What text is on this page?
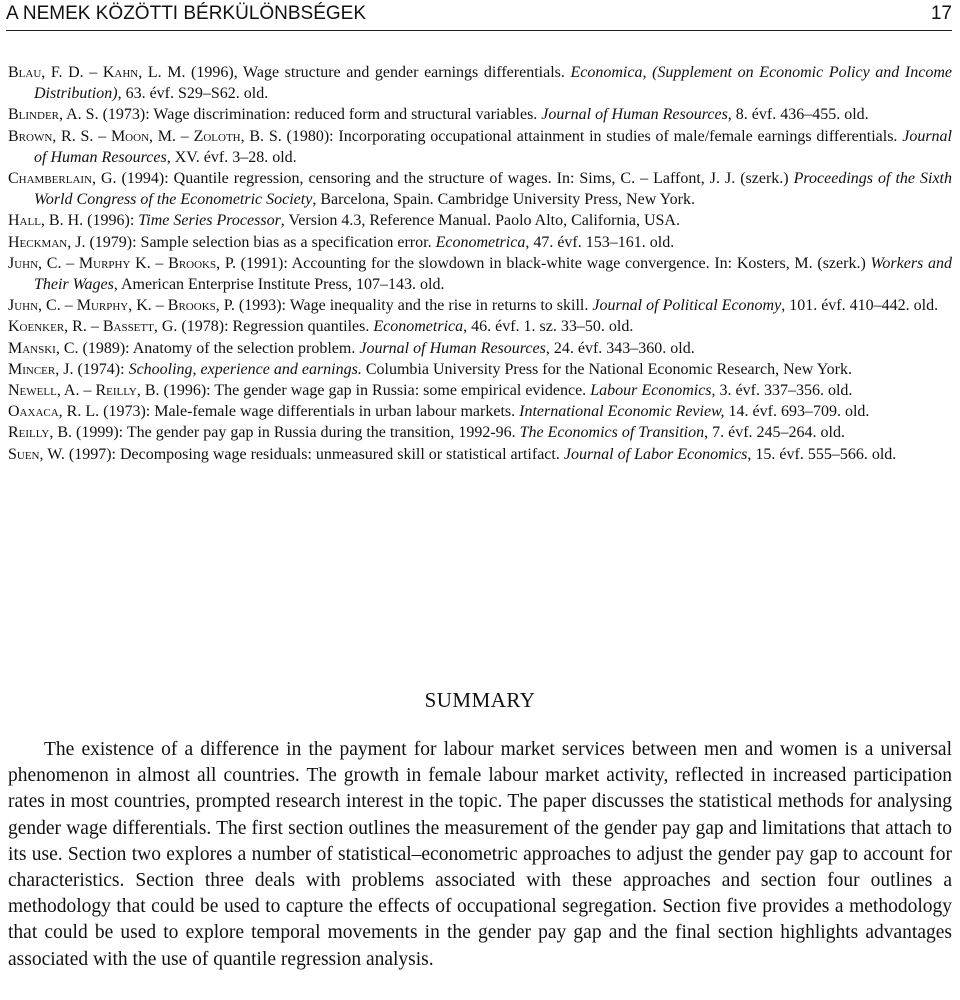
A NEMEK KÖZÖTTI BÉRKÜLÖNBSÉGEK	17

Blau, F. D. – Kahn, L. M. (1996), Wage structure and gender earnings differentials. Economica, (Supplement on Economic Policy and Income Distribution), 63. évf. S29–S62. old.

Blinder, A. S. (1973): Wage discrimination: reduced form and structural variables. Journal of Human Resources, 8. évf. 436–455. old.

Brown, R. S. – Moon, M. – Zoloth, B. S. (1980): Incorporating occupational attainment in studies of male/female earnings differentials. Journal of Human Resources, XV. évf. 3–28. old.

Chamberlain, G. (1994): Quantile regression, censoring and the structure of wages. In: Sims, C. – Laffont, J. J. (szerk.) Proceedings of the Sixth World Congress of the Econometric Society, Barcelona, Spain. Cambridge University Press, New York.

Hall, B. H. (1996): Time Series Processor, Version 4.3, Reference Manual. Paolo Alto, California, USA.

Heckman, J. (1979): Sample selection bias as a specification error. Econometrica, 47. évf. 153–161. old.

Juhn, C. – Murphy K. – Brooks, P. (1991): Accounting for the slowdown in black-white wage convergence. In: Kosters, M. (szerk.) Workers and Their Wages, American Enterprise Institute Press, 107–143. old.

Juhn, C. – Murphy, K. – Brooks, P. (1993): Wage inequality and the rise in returns to skill. Journal of Political Economy, 101. évf. 410–442. old.

Koenker, R. – Bassett, G. (1978): Regression quantiles. Econometrica, 46. évf. 1. sz. 33–50. old.

Manski, C. (1989): Anatomy of the selection problem. Journal of Human Resources, 24. évf. 343–360. old.

Mincer, J. (1974): Schooling, experience and earnings. Columbia University Press for the National Economic Research, New York.

Newell, A. – Reilly, B. (1996): The gender wage gap in Russia: some empirical evidence. Labour Economics, 3. évf. 337–356. old.

Oaxaca, R. L. (1973): Male-female wage differentials in urban labour markets. International Economic Review, 14. évf. 693–709. old.

Reilly, B. (1999): The gender pay gap in Russia during the transition, 1992-96. The Economics of Transition, 7. évf. 245–264. old.

Suen, W. (1997): Decomposing wage residuals: unmeasured skill or statistical artifact. Journal of Labor Economics, 15. évf. 555–566. old.

SUMMARY

The existence of a difference in the payment for labour market services between men and women is a universal phenomenon in almost all countries. The growth in female labour market activity, reflected in increased participation rates in most countries, prompted research interest in the topic. The paper discusses the statistical methods for analysing gender wage differentials. The first section outlines the measurement of the gender pay gap and limitations that attach to its use. Section two explores a number of statistical–econometric approaches to adjust the gender pay gap to account for characteristics. Section three deals with problems associated with these approaches and section four outlines a methodology that could be used to capture the effects of occupational segregation. Section five provides a methodology that could be used to explore temporal movements in the gender pay gap and the final section highlights advantages associated with the use of quantile regression analysis.
